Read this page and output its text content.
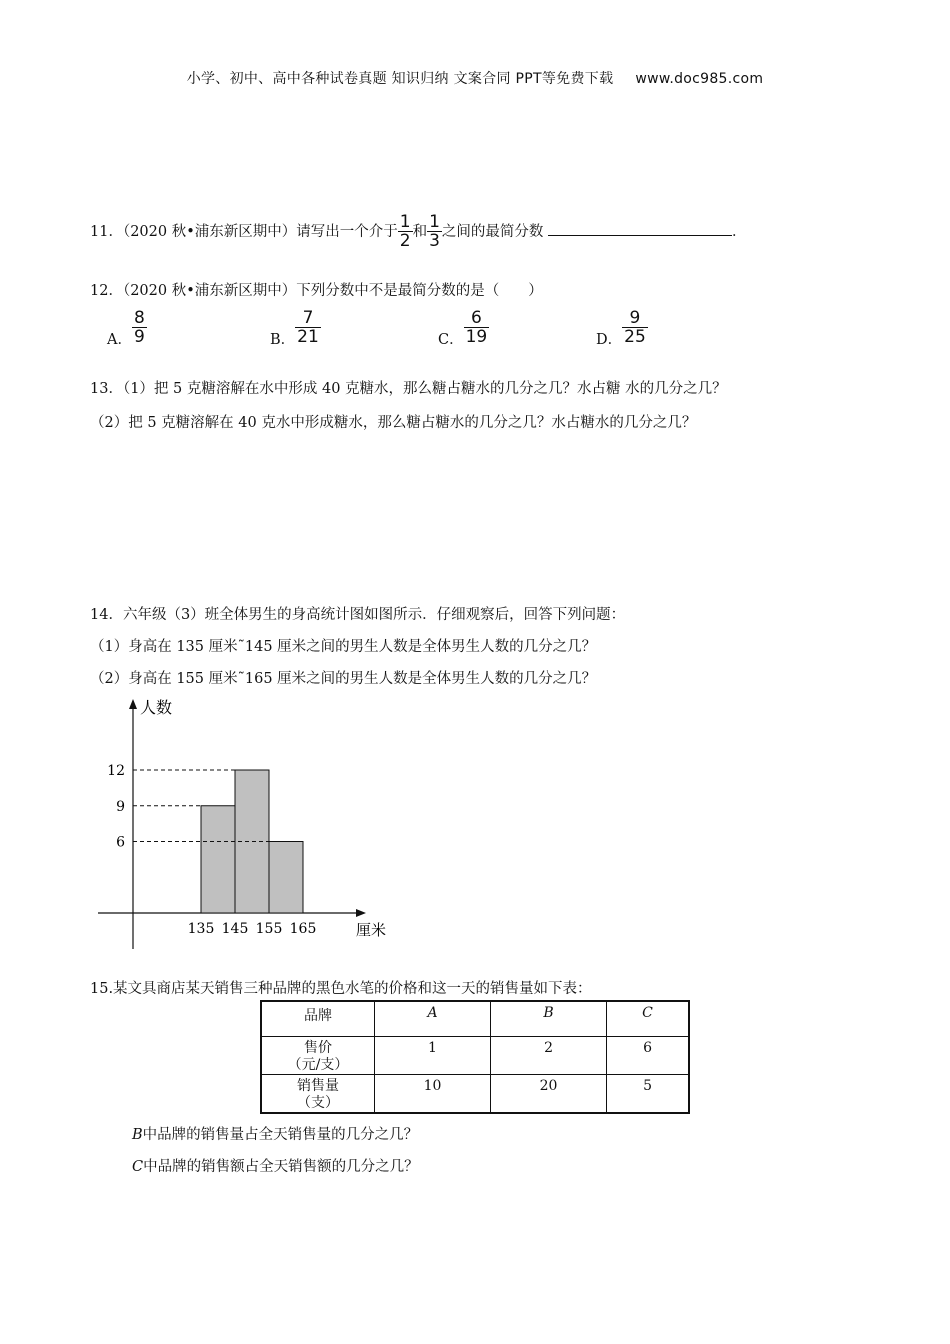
小学、初中、高中各种试卷真题 知识归纳 文案合同 PPT等免费下载 www.doc985.com
11．（2020 秋•浦东新区期中）请写出一个介于 $\frac{1}{2}$ 和 $\frac{1}{3}$ 之间的最简分数	．
12．（2020 秋•浦东新区期中）下列分数中不是最简分数的是（　　）
A． $\frac{8}{9}$	B． $\frac{7}{21}$	C． $\frac{6}{19}$	D． $\frac{9}{25}$
13．（1）把 5 克糖溶解在水中形成 40 克糖水，那么糖占糖水的几分之几？水占糖 水的几分之几？
（2）把 5 克糖溶解在 40 克水中形成糖水，那么糖占糖水的几分之几？水占糖水的几分之几？
14．六年级（3）班全体男生的身高统计图如图所示．仔细观察后，回答下列问题：
（1）身高在 135 厘米˜145 厘米之间的男生人数是全体男生人数的几分之几？
（2）身高在 155 厘米˜165 厘米之间的男生人数是全体男生人数的几分之几？
人数
厘米
6
9
12
135 145 155 165
15.某文具商店某天销售三种品牌的黑色水笔的价格和这一天的销售量如下表：
品牌	A	B	C
售价
（元/支）	1	2	6
销售量
（支）	10	20	5
B中品牌的销售量占全天销售量的几分之几？
C中品牌的销售额占全天销售额的几分之几？
